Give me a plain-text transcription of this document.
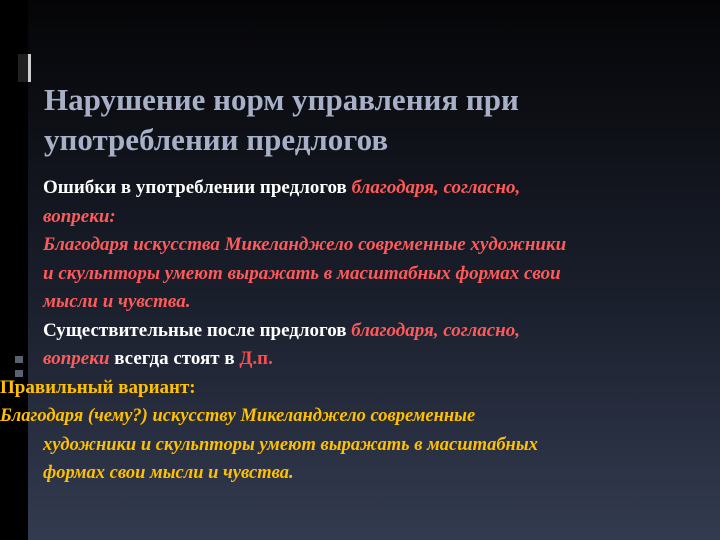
Нарушение норм управления при
употреблении предлогов
Ошибки в употреблении предлогов благодаря, согласно,
вопреки:
Благодаря искусства Микеланджело современные художники
и скульпторы умеют выражать в масштабных формах свои
мысли и чувства.
Существительные после предлогов благодаря, согласно,
вопреки всегда стоят в Д.п.
Правильный вариант:
Благодаря (чему?) искусству Микеланджело современные
художники и скульпторы умеют выражать в масштабных
формах свои мысли и чувства.
